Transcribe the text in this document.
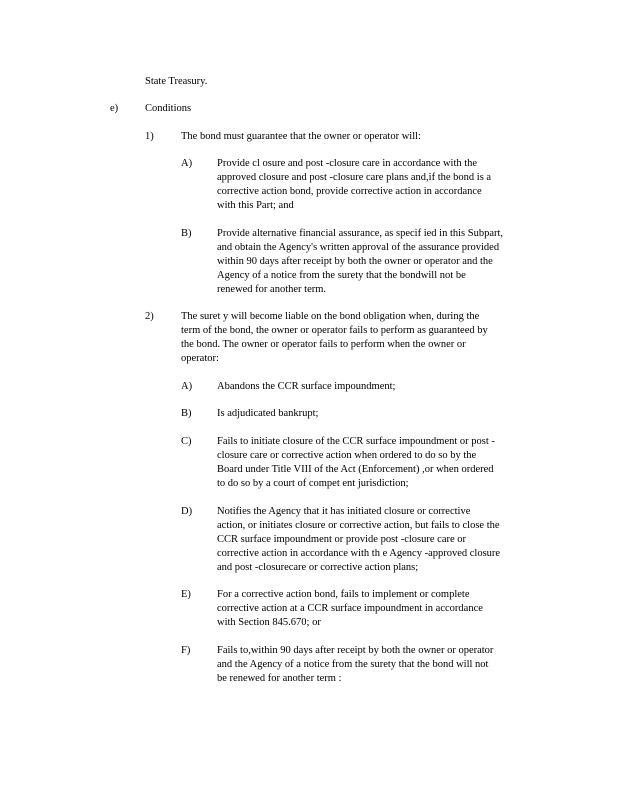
State Treasury.
e)	Conditions
1)	The bond must guarantee that the owner or operator will:
A) Provide cl osure and post -closure care in accordance with the
approved closure and post -closure care plans and,if the bond is a
corrective action bond, provide corrective action in accordance
with this Part; and
B) Provide alternative financial assurance, as specif ied in this Subpart,
and obtain the Agency's written approval of the assurance provided
within 90 days after receipt by both the owner or operator and the
Agency of a notice from the surety that the bondwill not be
renewed for another term.
2)	The suret y will become liable on the bond obligation when, during the
term of the bond, the owner or operator fails to perform as guaranteed by
the bond. The owner or operator fails to perform when the owner or
operator:
A) Abandons the CCR surface impoundment;
B) Is adjudicated bankrupt;
C) Fails to initiate closure of the CCR surface impoundment or post -
closure care or corrective action when ordered to do so by the
Board under Title VIII of the Act (Enforcement) ,or when ordered
to do so by a court of compet ent jurisdiction;
D) Notifies the Agency that it has initiated closure or corrective
action, or initiates closure or corrective action, but fails to close the
CCR surface impoundment or provide post -closure care or
corrective action in accordance with th e Agency -approved closure
and post -closurecare or corrective action plans;
E) For a corrective action bond, fails to implement or complete
corrective action at a CCR surface impoundment in accordance
with Section 845.670; or
F)	Fails to,within 90 days after receipt by both the owner or operator
and the Agency of a notice from the surety that the bond will not
be renewed for another term :
